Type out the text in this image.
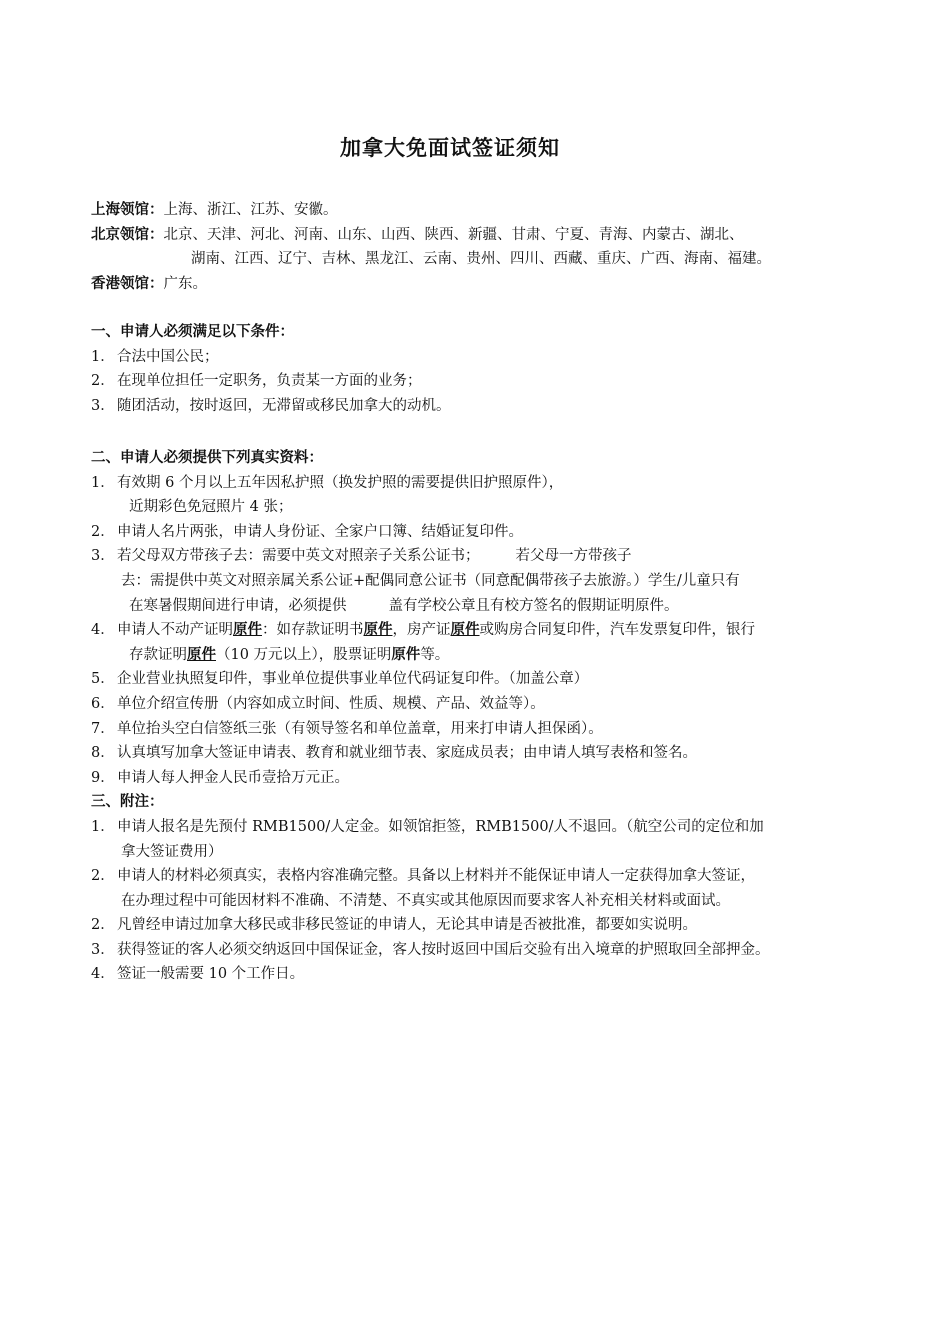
加拿大免面试签证须知
上海领馆：上海、浙江、江苏、安徽。
北京领馆：北京、天津、河北、河南、山东、山西、陕西、新疆、甘肃、宁夏、青海、内蒙古、湖北、
湖南、江西、辽宁、吉林、黑龙江、云南、贵州、四川、西藏、重庆、广西、海南、福建。
香港领馆：广东。
一、申请人必须满足以下条件：
1． 合法中国公民；
2． 在现单位担任一定职务，负责某一方面的业务；
3． 随团活动，按时返回，无滞留或移民加拿大的动机。
二、申请人必须提供下列真实资料：
1． 有效期 6 个月以上五年因私护照（换发护照的需要提供旧护照原件），
近期彩色免冠照片 4 张；
2． 申请人名片两张，申请人身份证、全家户口簿、结婚证复印件。
3． 若父母双方带孩子去：需要中英文对照亲子关系公证书； 若父母一方带孩子
去：需提供中英文对照亲属关系公证+配偶同意公证书（同意配偶带孩子去旅游。）学生/儿童只有
在寒暑假期间进行申请，必须提供	盖有学校公章且有校方签名的假期证明原件。
4． 申请人不动产证明原件：如存款证明书原件，房产证原件或购房合同复印件，汽车发票复印件，银行
存款证明原件（10 万元以上），股票证明原件等。
5． 企业营业执照复印件，事业单位提供事业单位代码证复印件。（加盖公章）
6． 单位介绍宣传册（内容如成立时间、性质、规模、产品、效益等）。
7． 单位抬头空白信签纸三张（有领导签名和单位盖章，用来打申请人担保函）。
8． 认真填写加拿大签证申请表、教育和就业细节表、家庭成员表；由申请人填写表格和签名。
9． 申请人每人押金人民币壹拾万元正。
三、附注：
1． 申请人报名是先预付 RMB1500/人定金。如领馆拒签，RMB1500/人不退回。（航空公司的定位和加
拿大签证费用）
2． 申请人的材料必须真实，表格内容准确完整。具备以上材料并不能保证申请人一定获得加拿大签证，
在办理过程中可能因材料不准确、不清楚、不真实或其他原因而要求客人补充相关材料或面试。
2． 凡曾经申请过加拿大移民或非移民签证的申请人，无论其申请是否被批准，都要如实说明。
3． 获得签证的客人必须交纳返回中国保证金，客人按时返回中国后交验有出入境章的护照取回全部押金。
4． 签证一般需要 10 个工作日。
